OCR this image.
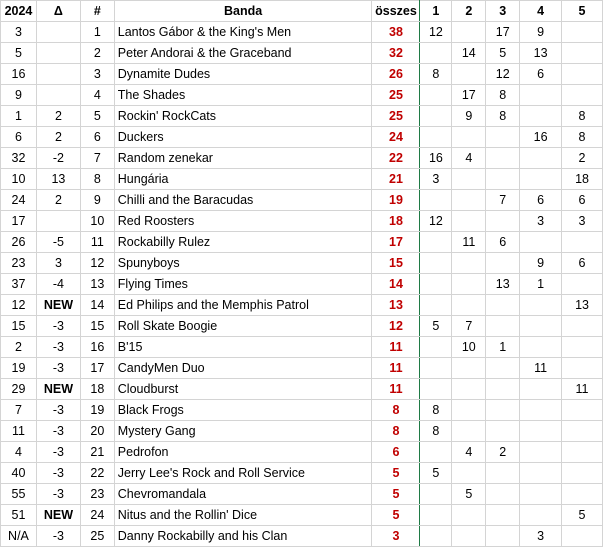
2024	Δ	#	Banda	összes	1	2	3	4	5
3		1	Lantos Gábor & the King's Men	38	12		17	9	
5		2	Peter Andorai & the Graceband	32		14	5	13	
16		3	Dynamite Dudes	26	8		12	6	
9		4	The Shades	25		17	8		
1	2	5	Rockin' RockCats	25		9	8		8
6	2	6	Duckers	24				16	8
32	-2	7	Random zenekar	22	16	4			2
10	13	8	Hungária	21	3				18
24	2	9	Chilli and the Baracudas	19			7	6	6
17		10	Red Roosters	18	12			3	3
26	-5	11	Rockabilly Rulez	17		11	6		
23	3	12	Spunyboys	15				9	6
37	-4	13	Flying Times	14			13	1	
12	NEW	14	Ed Philips and the Memphis Patrol	13					13
15	-3	15	Roll Skate Boogie	12	5	7			
2	-3	16	B'15	11		10	1		
19	-3	17	CandyMen Duo	11				11	
29	NEW	18	Cloudburst	11					11
7	-3	19	Black Frogs	8	8				
11	-3	20	Mystery Gang	8	8				
4	-3	21	Pedrofon	6		4	2		
40	-3	22	Jerry Lee's Rock and Roll Service	5	5				
55	-3	23	Chevromandala	5		5			
51	NEW	24	Nitus and the Rollin' Dice	5					5
N/A	-3	25	Danny Rockabilly and his Clan	3				3	
